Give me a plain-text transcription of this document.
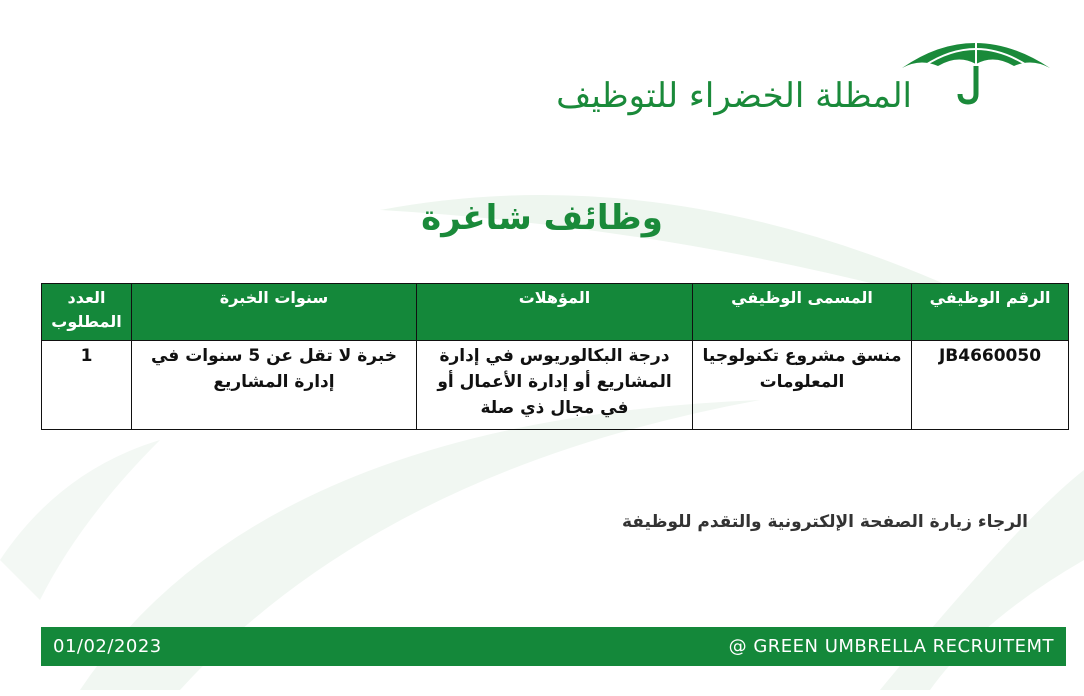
المظلة الخضراء للتوظيف
وظائف شاغرة
الرقم الوظيفي	المسمى الوظيفي	المؤهلات	سنوات الخبرة	العدد المطلوب
JB4660050	منسق مشروع تكنولوجيا المعلومات	درجة البكالوريوس في إدارة المشاريع أو إدارة الأعمال أو في مجال ذي صلة	خبرة لا تقل عن 5 سنوات في إدارة المشاريع	1
الرجاء زيارة الصفحة الإلكترونية والتقدم للوظيفة
01/02/2023	@ GREEN UMBRELLA RECRUITEMT
